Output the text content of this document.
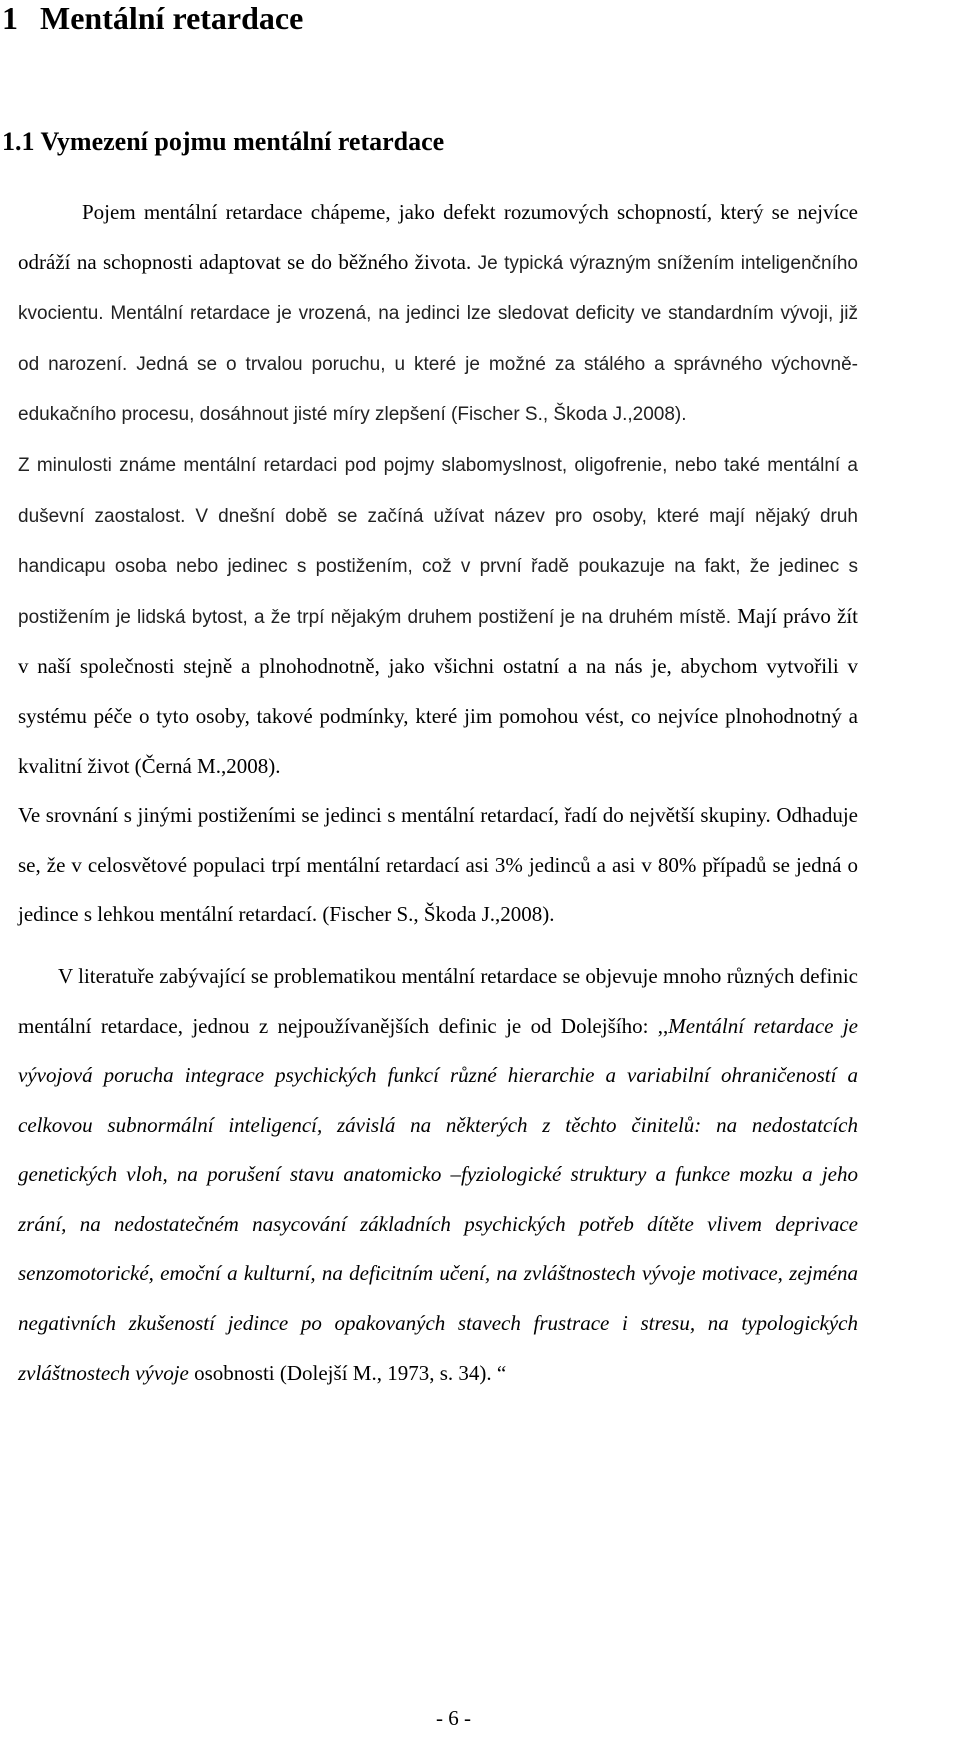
1 Mentální retardace
1.1 Vymezení pojmu mentální retardace

Pojem mentální retardace chápeme, jako defekt rozumových schopností, který se nejvíce odráží na schopnosti adaptovat se do běžného života. Je typická výrazným snížením inteligenčního kvocientu. Mentální retardace je vrozená, na jedinci lze sledovat deficity ve standardním vývoji, již od narození. Jedná se o trvalou poruchu, u které je možné za stálého a správného výchovně-edukačního procesu, dosáhnout jisté míry zlepšení (Fischer S., Škoda J.,2008).

Z minulosti známe mentální retardaci pod pojmy slabomyslnost, oligofrenie, nebo také mentální a duševní zaostalost. V dnešní době se začíná užívat název pro osoby, které mají nějaký druh handicapu osoba nebo jedinec s postižením, což v první řadě poukazuje na fakt, že jedinec s postižením je lidská bytost, a že trpí nějakým druhem postižení je na druhém místě. Mají právo žít v naší společnosti stejně a plnohodnotně, jako všichni ostatní a na nás je, abychom vytvořili v systému péče o tyto osoby, takové podmínky, které jim pomohou vést, co nejvíce plnohodnotný a kvalitní život (Černá M.,2008).

Ve srovnání s jinými postiženími se jedinci s mentální retardací, řadí do největší skupiny. Odhaduje se, že v celosvětové populaci trpí mentální retardací asi 3% jedinců a asi v 80% případů se jedná o jedince s lehkou mentální retardací. (Fischer S., Škoda J.,2008).

V literatuře zabývající se problematikou mentální retardace se objevuje mnoho různých definic mentální retardace, jednou z nejpoužívanějších definic je od Dolejšího: ,,Mentální retardace je vývojová porucha integrace psychických funkcí různé hierarchie a variabilní ohraničeností a celkovou subnormální inteligencí, závislá na některých z těchto činitelů: na nedostatcích genetických vloh, na porušení stavu anatomicko –fyziologické struktury a funkce mozku a jeho zrání, na nedostatečném nasycování základních psychických potřeb dítěte vlivem deprivace senzomotorické, emoční a kulturní, na deficitním učení, na zvláštnostech vývoje motivace, zejména negativních zkušeností jedince po opakovaných stavech frustrace i stresu, na typologických zvláštnostech vývoje osobnosti (Dolejší M., 1973, s. 34). “

- 6 -
